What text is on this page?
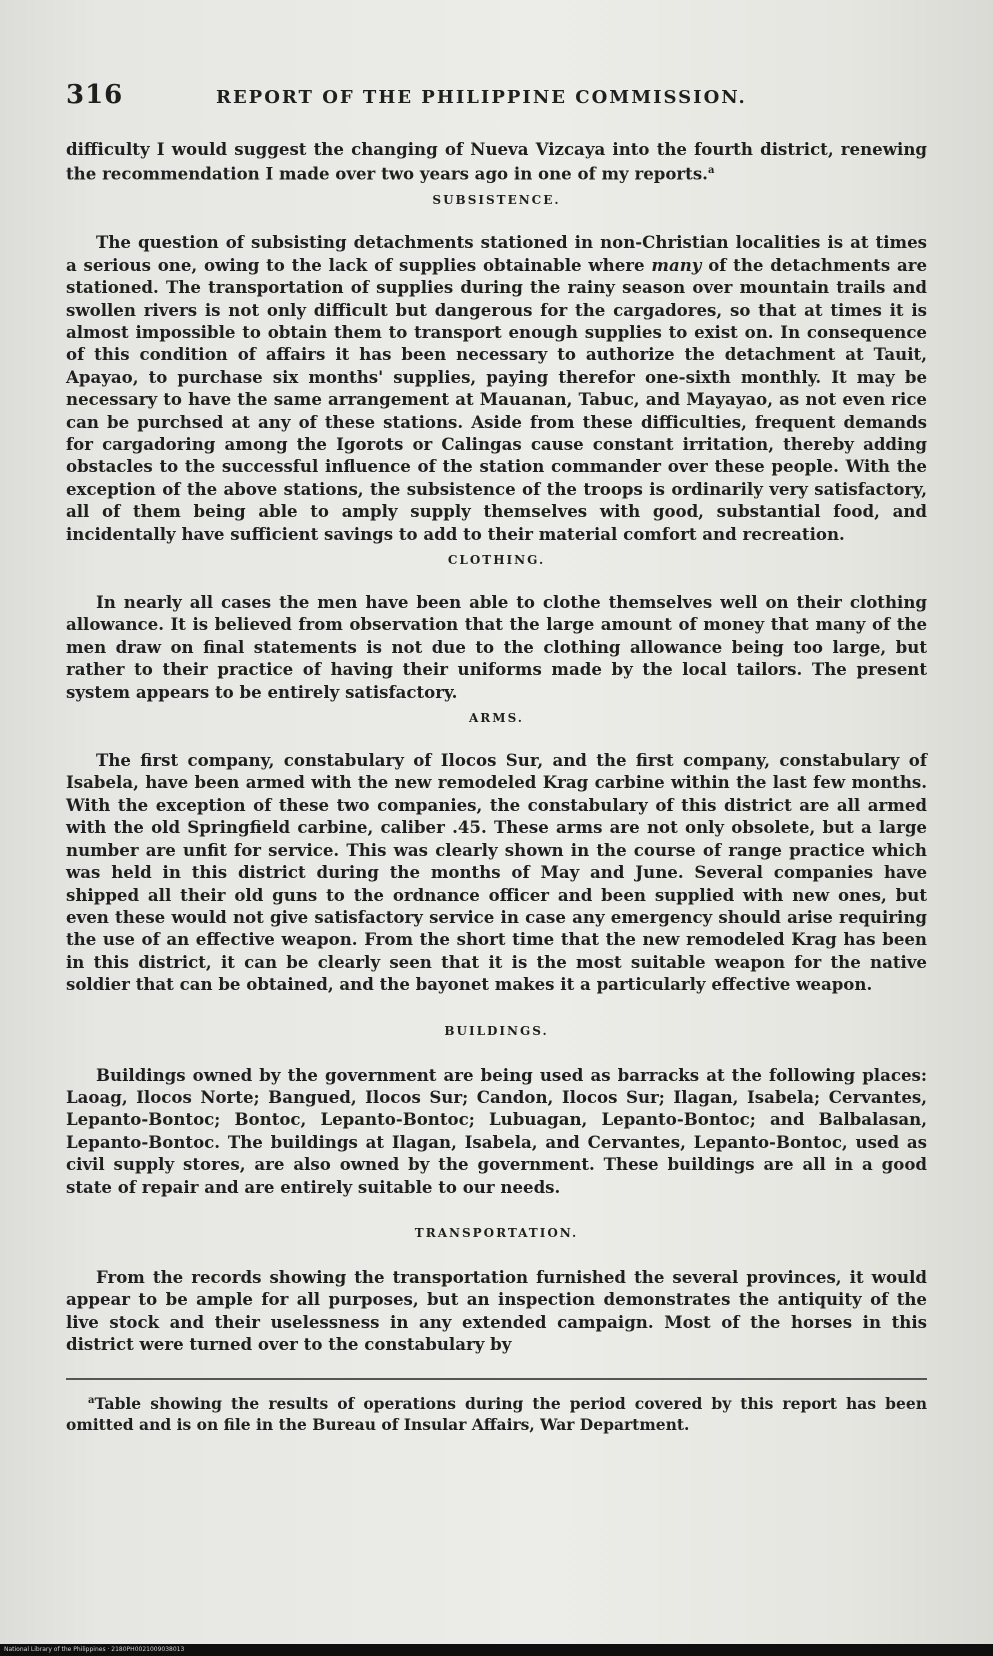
316	REPORT OF THE PHILIPPINE COMMISSION.

difficulty I would suggest the changing of Nueva Vizcaya into the fourth district, renewing the recommendation I made over two years ago in one of my reports.$^a$

SUBSISTENCE.

The question of subsisting detachments stationed in non-Christian localities is at times a serious one, owing to the lack of supplies obtainable where many of the detachments are stationed. The transportation of supplies during the rainy season over mountain trails and swollen rivers is not only difficult but dangerous for the cargadores, so that at times it is almost impossible to obtain them to transport enough supplies to exist on. In consequence of this condition of affairs it has been necessary to authorize the detachment at Tauit, Apayao, to purchase six months' supplies, paying therefor one-sixth monthly. It may be necessary to have the same arrangement at Mauanan, Tabuc, and Mayayao, as not even rice can be purchsed at any of these stations. Aside from these difficulties, frequent demands for cargadoring among the Igorots or Calingas cause constant irritation, thereby adding obstacles to the successful influence of the station commander over these people. With the exception of the above stations, the subsistence of the troops is ordinarily very satisfactory, all of them being able to amply supply themselves with good, substantial food, and incidentally have sufficient savings to add to their material comfort and recreation.

CLOTHING.

In nearly all cases the men have been able to clothe themselves well on their clothing allowance. It is believed from observation that the large amount of money that many of the men draw on final statements is not due to the clothing allowance being too large, but rather to their practice of having their uniforms made by the local tailors. The present system appears to be entirely satisfactory.

ARMS.

The first company, constabulary of Ilocos Sur, and the first company, constabulary of Isabela, have been armed with the new remodeled Krag carbine within the last few months. With the exception of these two companies, the constabulary of this district are all armed with the old Springfield carbine, caliber .45. These arms are not only obsolete, but a large number are unfit for service. This was clearly shown in the course of range practice which was held in this district during the months of May and June. Several companies have shipped all their old guns to the ordnance officer and been supplied with new ones, but even these would not give satisfactory service in case any emergency should arise requiring the use of an effective weapon. From the short time that the new remodeled Krag has been in this district, it can be clearly seen that it is the most suitable weapon for the native soldier that can be obtained, and the bayonet makes it a particularly effective weapon.

BUILDINGS.

Buildings owned by the government are being used as barracks at the following places: Laoag, Ilocos Norte; Bangued, Ilocos Sur; Candon, Ilocos Sur; Ilagan, Isabela; Cervantes, Lepanto-Bontoc; Bontoc, Lepanto-Bontoc; Lubuagan, Lepanto-Bontoc; and Balbalasan, Lepanto-Bontoc. The buildings at Ilagan, Isabela, and Cervantes, Lepanto-Bontoc, used as civil supply stores, are also owned by the government. These buildings are all in a good state of repair and are entirely suitable to our needs.

TRANSPORTATION.

From the records showing the transportation furnished the several provinces, it would appear to be ample for all purposes, but an inspection demonstrates the antiquity of the live stock and their uselessness in any extended campaign. Most of the horses in this district were turned over to the constabulary by

$^a$Table showing the results of operations during the period covered by this report has been omitted and is on file in the Bureau of Insular Affairs, War Department.

National Library of the Philippines · 2180PH0021009038013
